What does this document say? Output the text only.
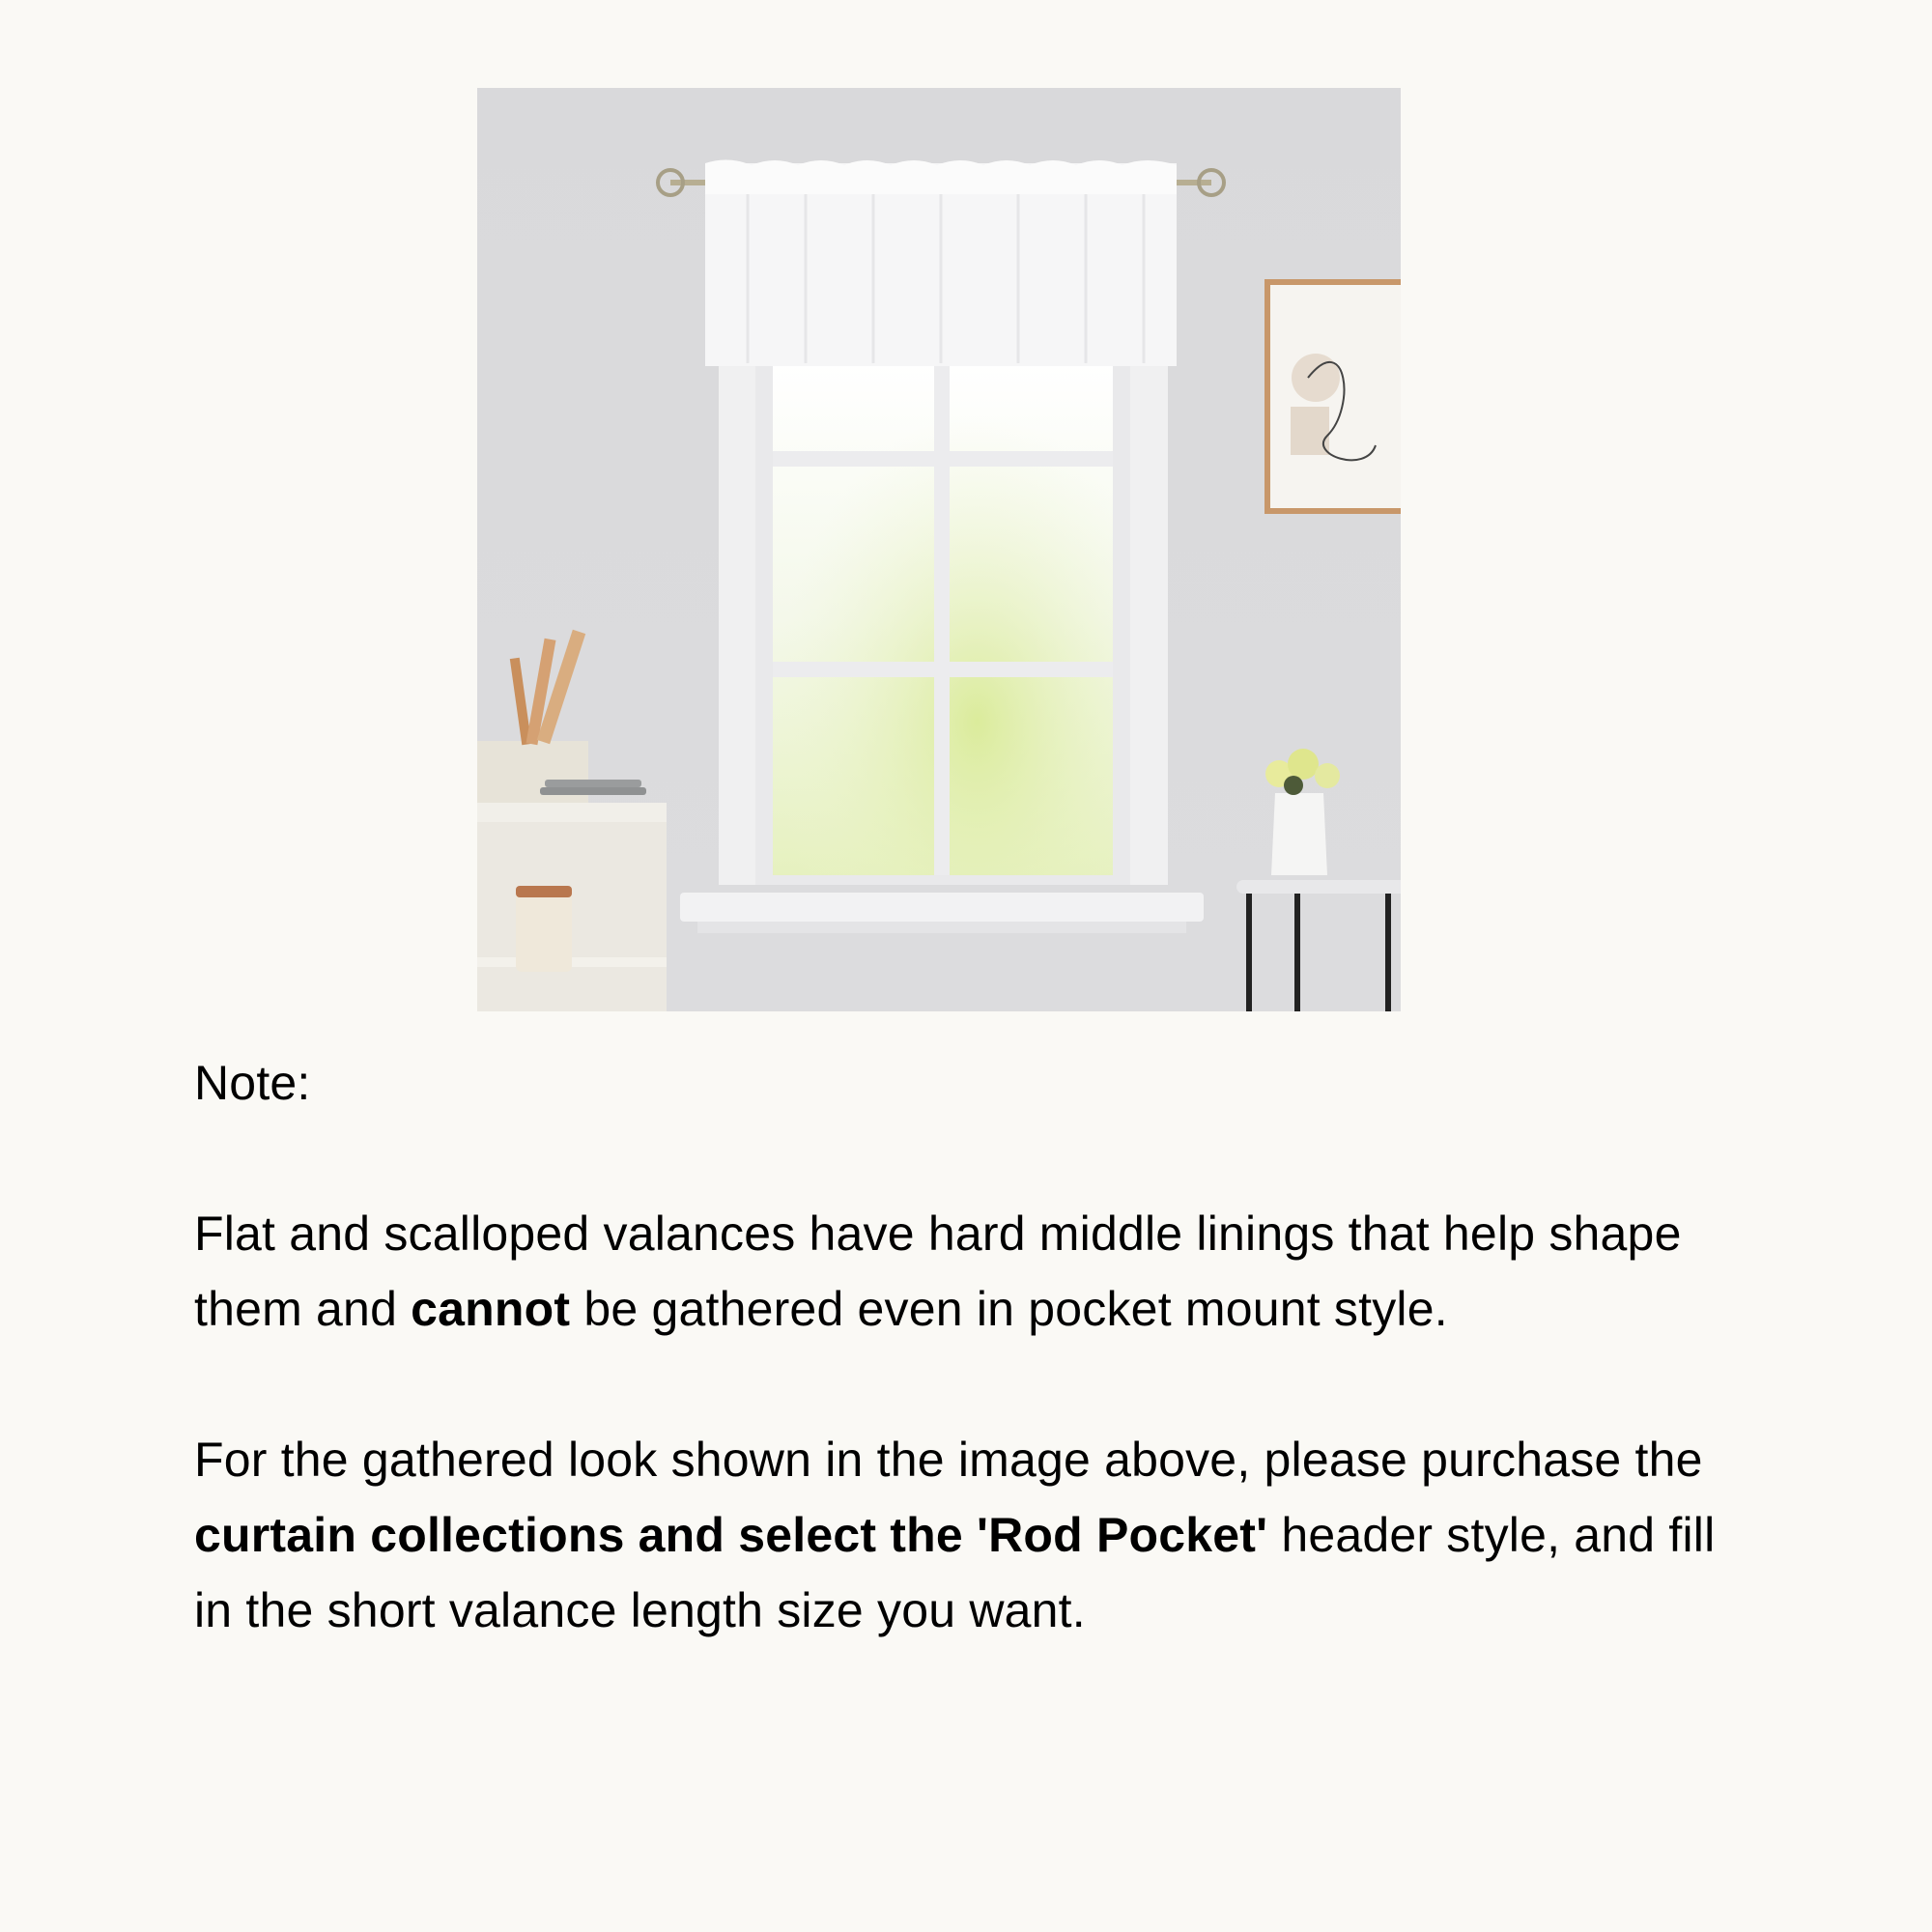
Note:

Flat and scalloped valances have hard middle linings that help shape them and cannot be gathered even in pocket mount style.

For the gathered look shown in the image above, please purchase the curtain collections and select the 'Rod Pocket' header style, and fill in the short valance length size you want.
